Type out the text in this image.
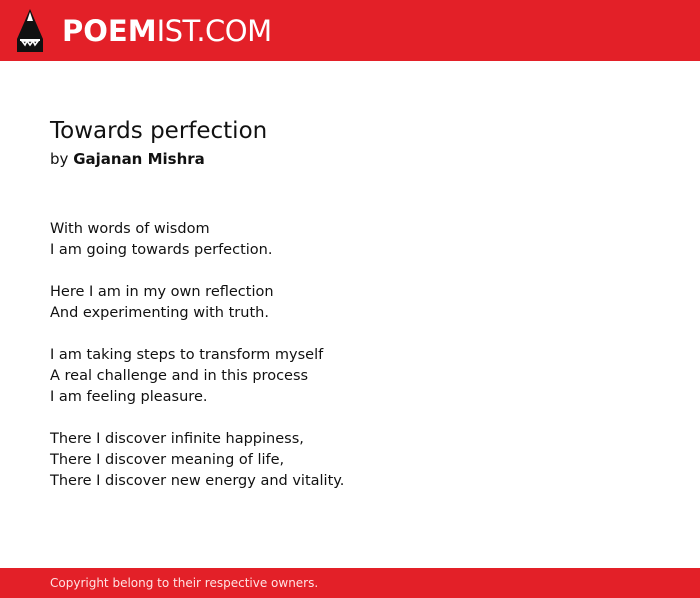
POEMIST.COM
Towards perfection
by Gajanan Mishra
With words of wisdom
I am going towards perfection.
Here I am in my own reflection
And experimenting with truth.
I am taking steps to transform myself
A real challenge and in this process
I am feeling pleasure.
There I discover infinite happiness,
There I discover meaning of life,
There I discover new energy and vitality.
Copyright belong to their respective owners.
